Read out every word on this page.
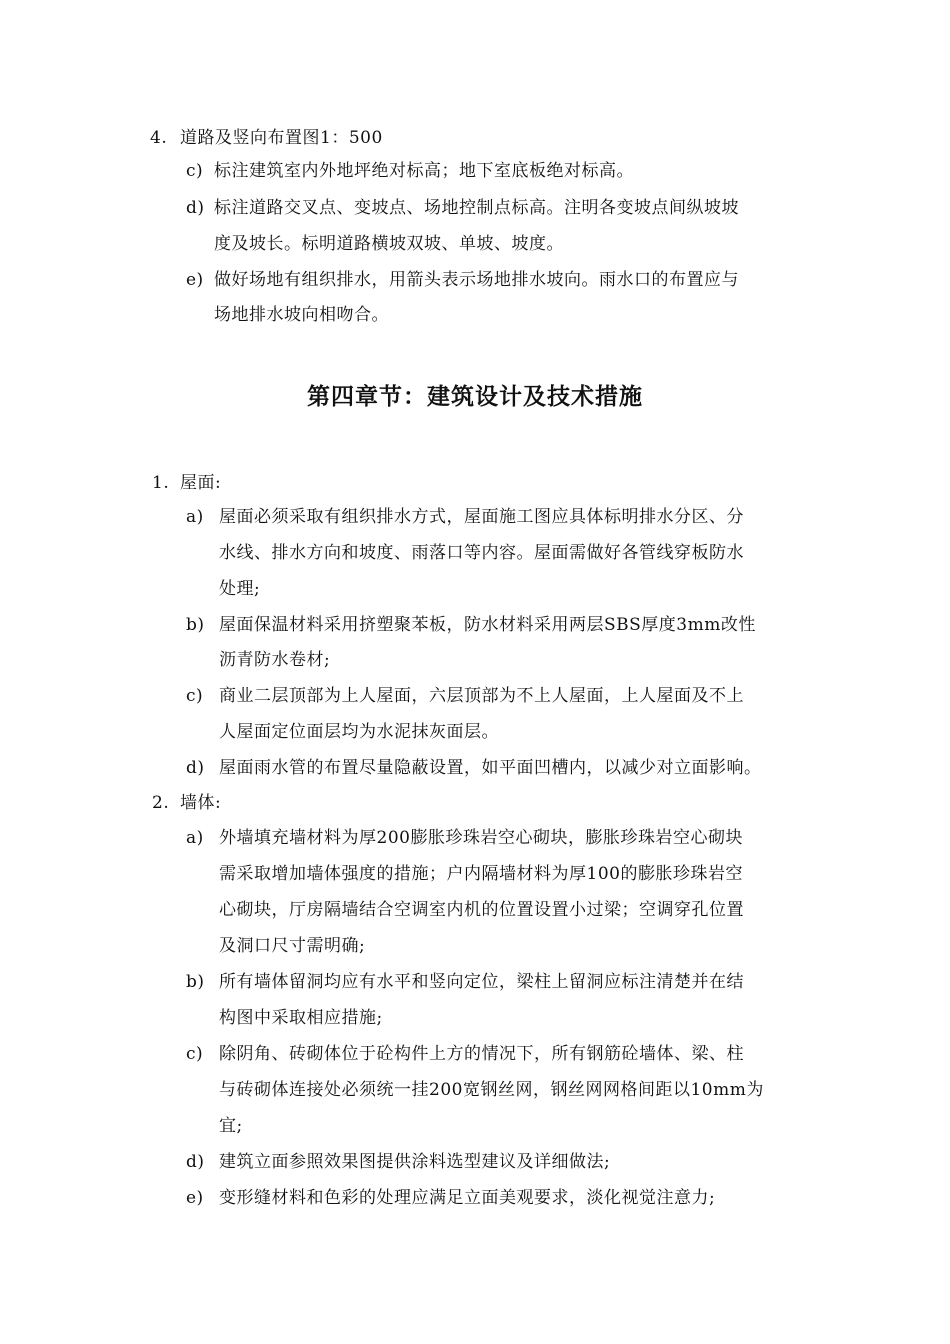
4. 道路及竖向布置图1：500

c) 标注建筑室内外地坪绝对标高；地下室底板绝对标高。

d) 标注道路交叉点、变坡点、场地控制点标高。注明各变坡点间纵坡坡

度及坡长。标明道路横坡双坡、单坡、坡度。

e) 做好场地有组织排水，用箭头表示场地排水坡向。雨水口的布置应与

场地排水坡向相吻合。

第四章节：建筑设计及技术措施

1. 屋面:

a) 屋面必须采取有组织排水方式，屋面施工图应具体标明排水分区、分

水线、排水方向和坡度、雨落口等内容。屋面需做好各管线穿板防水

处理;

b) 屋面保温材料采用挤塑聚苯板，防水材料采用两层SBS厚度3mm改性

沥青防水卷材;

c) 商业二层顶部为上人屋面，六层顶部为不上人屋面，上人屋面及不上

人屋面定位面层均为水泥抹灰面层。

d) 屋面雨水管的布置尽量隐蔽设置，如平面凹槽内，以减少对立面影响。

2. 墙体:

a) 外墙填充墙材料为厚200膨胀珍珠岩空心砌块，膨胀珍珠岩空心砌块

需采取增加墙体强度的措施；户内隔墙材料为厚100的膨胀珍珠岩空

心砌块，厅房隔墙结合空调室内机的位置设置小过梁；空调穿孔位置

及洞口尺寸需明确;

b) 所有墙体留洞均应有水平和竖向定位，梁柱上留洞应标注清楚并在结

构图中采取相应措施;

c) 除阴角、砖砌体位于砼构件上方的情况下，所有钢筋砼墙体、梁、柱

与砖砌体连接处必须统一挂200宽钢丝网，钢丝网网格间距以10mm为

宜;

d) 建筑立面参照效果图提供涂料选型建议及详细做法;

e) 变形缝材料和色彩的处理应满足立面美观要求，淡化视觉注意力;
